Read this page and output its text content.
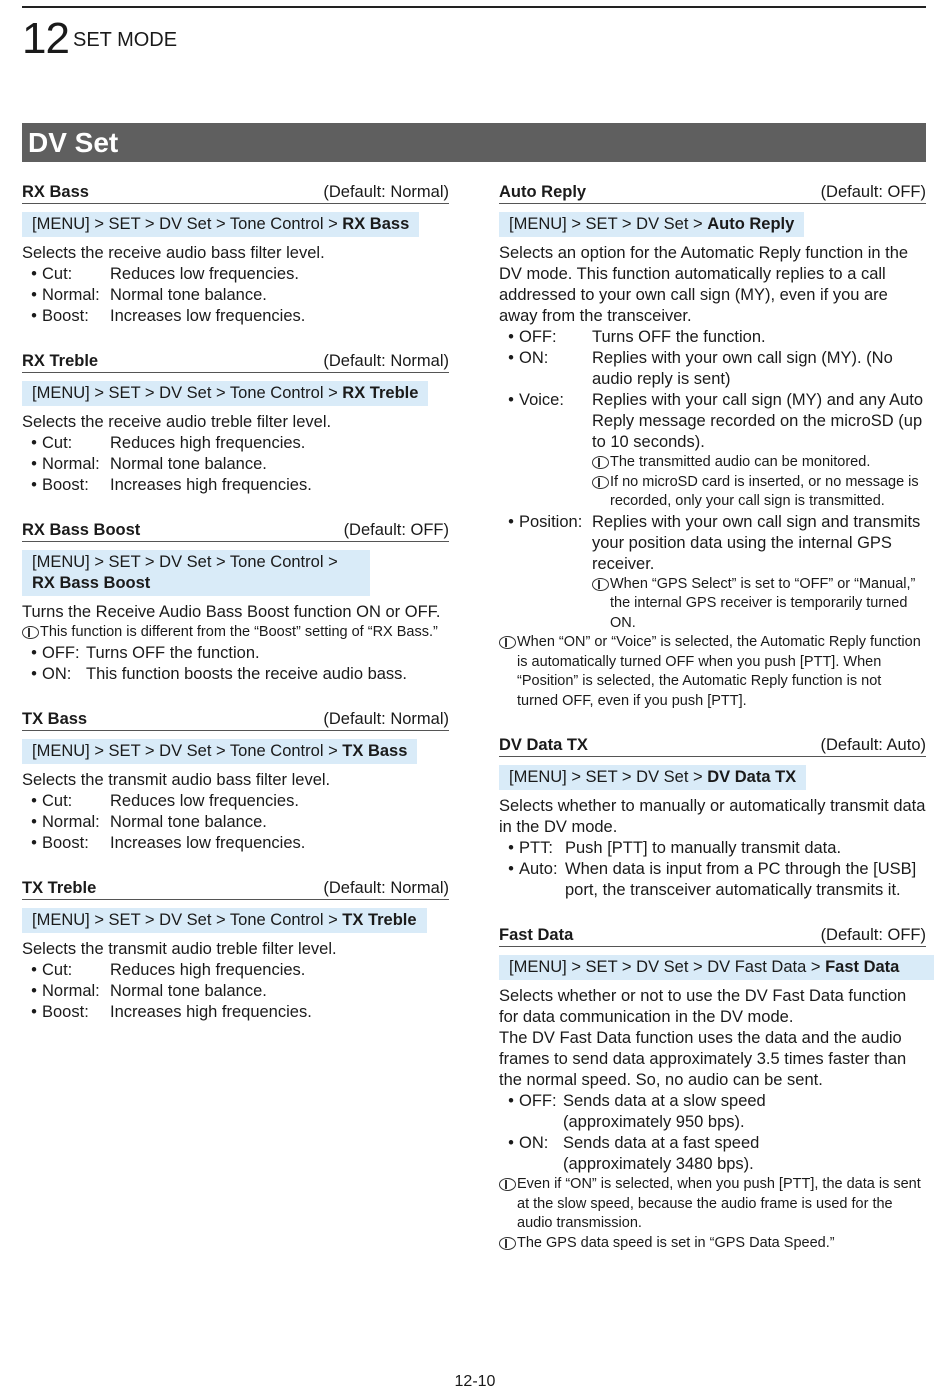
12 SET MODE
DV Set
RX Bass	(Default: Normal)
[MENU] > SET > DV Set > Tone Control > RX Bass
Selects the receive audio bass filter level.
• Cut:	Reduces low frequencies.
• Normal: Normal tone balance.
• Boost:	Increases low frequencies.
RX Treble	(Default: Normal)
[MENU] > SET > DV Set > Tone Control > RX Treble
Selects the receive audio treble filter level.
• Cut:	Reduces high frequencies.
• Normal: Normal tone balance.
• Boost:	Increases high frequencies.
RX Bass Boost	(Default: OFF)
[MENU] > SET > DV Set > Tone Control >
RX Bass Boost
Turns the Receive Audio Bass Boost function ON or OFF.
This function is different from the “Boost” setting of “RX Bass.”
• OFF: Turns OFF the function.
• ON: This function boosts the receive audio bass.
TX Bass	(Default: Normal)
[MENU] > SET > DV Set > Tone Control > TX Bass
Selects the transmit audio bass filter level.
• Cut:	Reduces low frequencies.
• Normal: Normal tone balance.
• Boost:	Increases low frequencies.
TX Treble	(Default: Normal)
[MENU] > SET > DV Set > Tone Control > TX Treble
Selects the transmit audio treble filter level.
• Cut:	Reduces high frequencies.
• Normal: Normal tone balance.
• Boost:	Increases high frequencies.
Auto Reply	(Default: OFF)
[MENU] > SET > DV Set > Auto Reply
Selects an option for the Automatic Reply function in the DV mode. This function automatically replies to a call addressed to your own call sign (MY), even if you are away from the transceiver.
• OFF:	Turns OFF the function.
• ON:	Replies with your own call sign (MY). (No audio reply is sent)
• Voice:	Replies with your call sign (MY) and any Auto Reply message recorded on the microSD (up to 10 seconds).
The transmitted audio can be monitored.
If no microSD card is inserted, or no message is recorded, only your call sign is transmitted.
• Position: Replies with your own call sign and transmits your position data using the internal GPS receiver.
When “GPS Select” is set to “OFF” or “Manual,” the internal GPS receiver is temporarily turned ON.
When “ON” or “Voice” is selected, the Automatic Reply function is automatically turned OFF when you push [PTT]. When “Position” is selected, the Automatic Reply function is not turned OFF, even if you push [PTT].
DV Data TX	(Default: Auto)
[MENU] > SET > DV Set > DV Data TX
Selects whether to manually or automatically transmit data in the DV mode.
• PTT: Push [PTT] to manually transmit data.
• Auto: When data is input from a PC through the [USB] port, the transceiver automatically transmits it.
Fast Data	(Default: OFF)
[MENU] > SET > DV Set > DV Fast Data > Fast Data
Selects whether or not to use the DV Fast Data function for data communication in the DV mode.
The DV Fast Data function uses the data and the audio frames to send data approximately 3.5 times faster than the normal speed. So, no audio can be sent.
• OFF: Sends data at a slow speed (approximately 950 bps).
• ON: Sends data at a fast speed (approximately 3480 bps).
Even if “ON” is selected, when you push [PTT], the data is sent at the slow speed, because the audio frame is used for the audio transmission.
The GPS data speed is set in “GPS Data Speed.”
12-10
